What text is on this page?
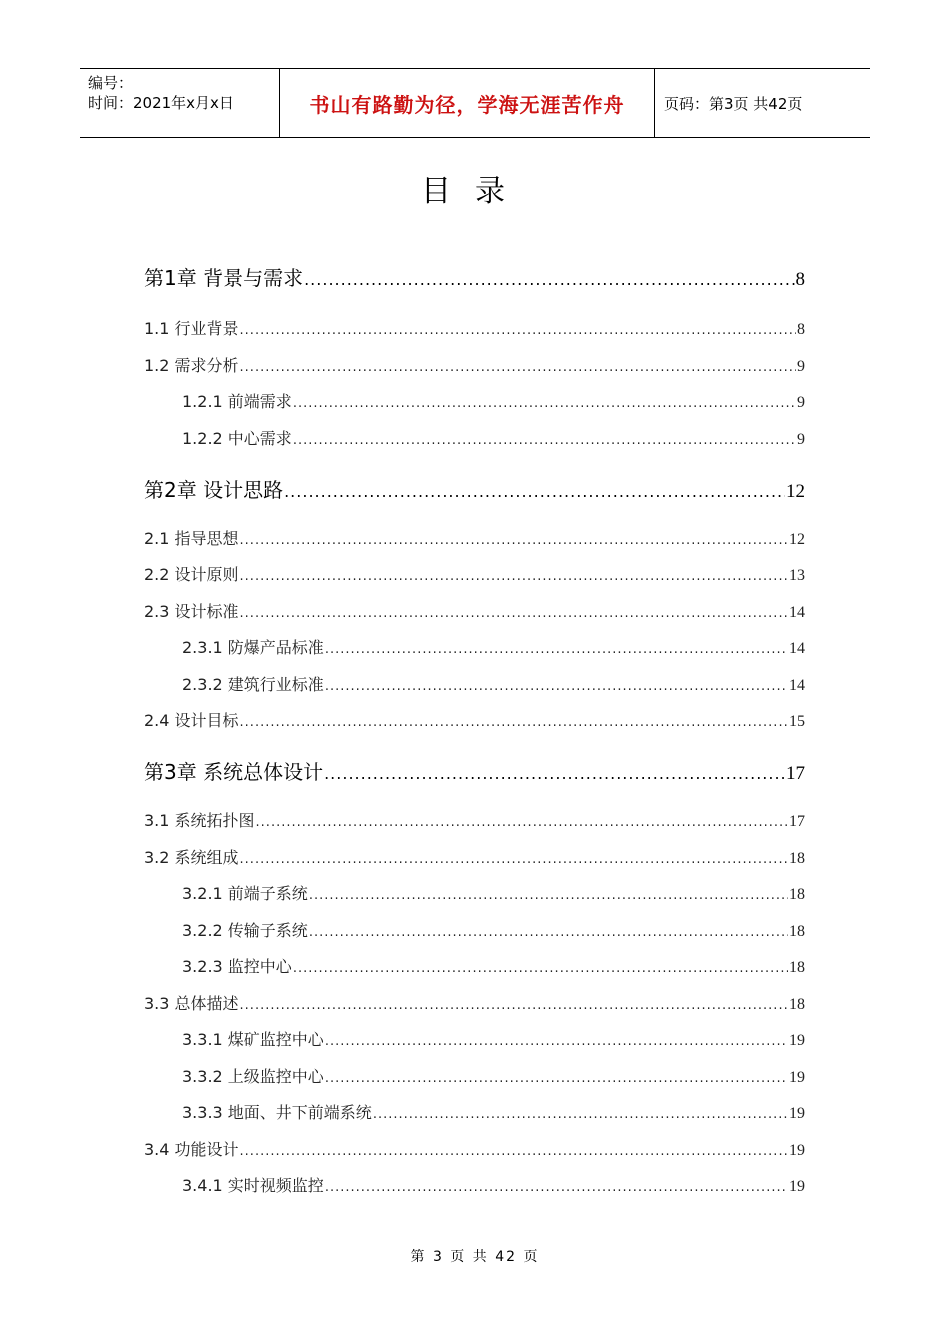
编号：
时间：2021年x月x日	书山有路勤为径，学海无涯苦作舟	页码：第3页 共42页
目录
第1章 背景与需求 .....	8
1.1 行业背景 .....	8
1.2 需求分析 .....	9
1.2.1 前端需求 .....	9
1.2.2 中心需求 .....	9
第2章 设计思路 .....	12
2.1 指导思想 .....	12
2.2 设计原则 .....	13
2.3 设计标准 .....	14
2.3.1 防爆产品标准 .....	14
2.3.2 建筑行业标准 .....	14
2.4 设计目标 .....	15
第3章 系统总体设计 .....	17
3.1 系统拓扑图 .....	17
3.2 系统组成 .....	18
3.2.1 前端子系统 .....	18
3.2.2 传输子系统 .....	18
3.2.3 监控中心 .....	18
3.3 总体描述 .....	18
3.3.1 煤矿监控中心 .....	19
3.3.2 上级监控中心 .....	19
3.3.3 地面、井下前端系统 .....	19
3.4 功能设计 .....	19
3.4.1 实时视频监控 .....	19
第 3 页 共 42 页
